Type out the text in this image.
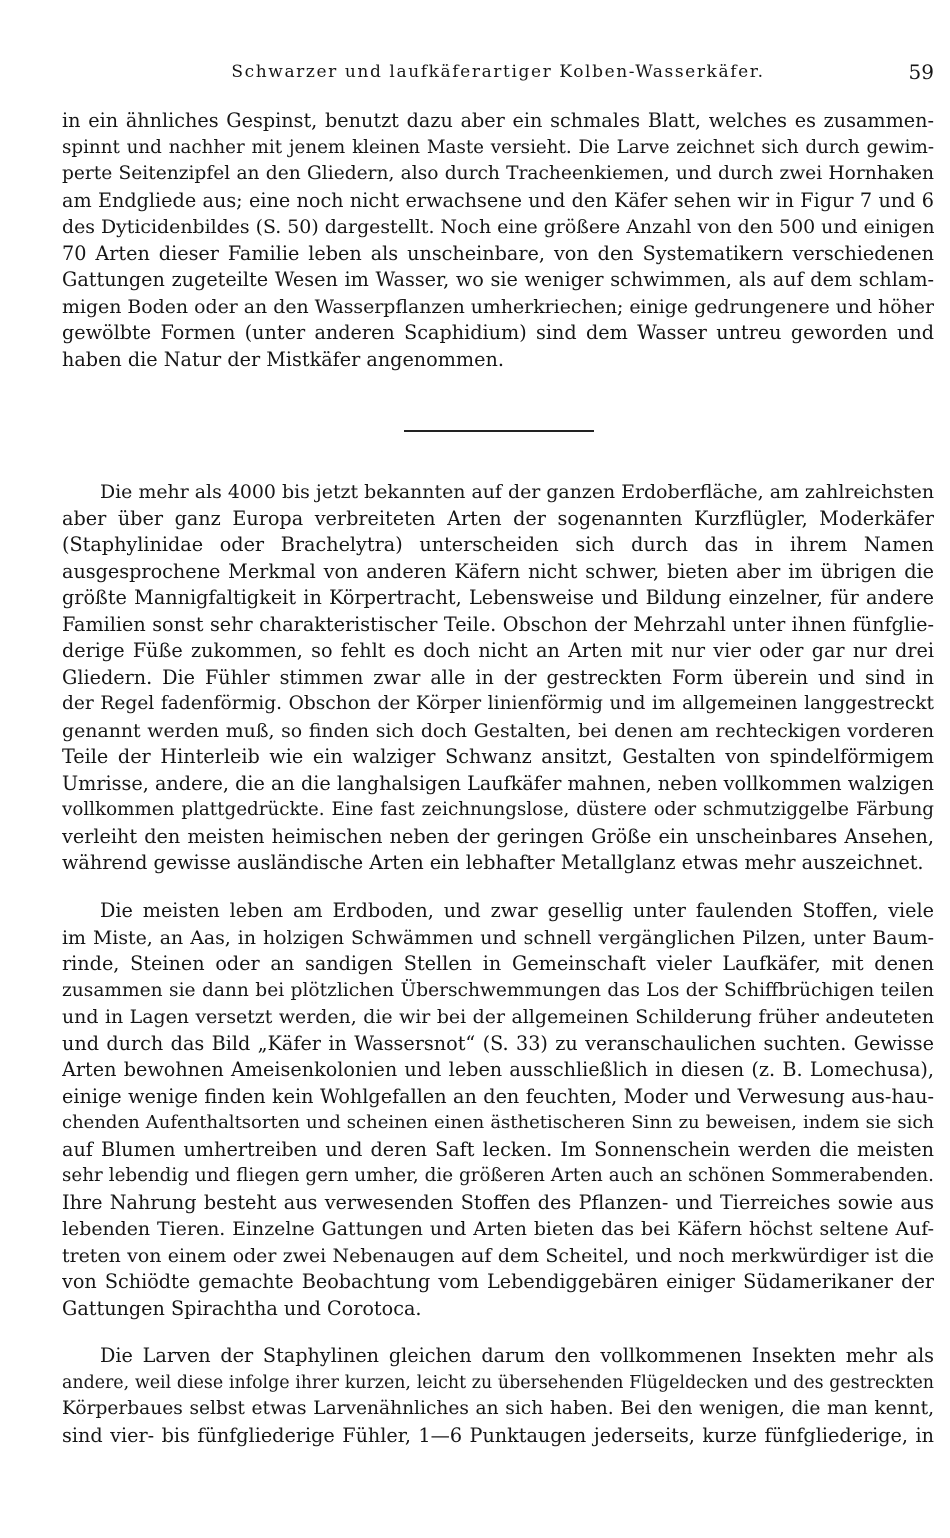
Schwarzer und laufkäferartiger Kolben-Wasserkäfer.	59
in ein ähnliches Gespinst, benutzt dazu aber ein schmales Blatt, welches es zusammen-
spinnt und nachher mit jenem kleinen Maste versieht. Die Larve zeichnet sich durch gewim-
perte Seitenzipfel an den Gliedern, also durch Tracheenkiemen, und durch zwei Hornhaken
am Endgliede aus; eine noch nicht erwachsene und den Käfer sehen wir in Figur 7 und 6
des Dyticidenbildes (S. 50) dargestellt. Noch eine größere Anzahl von den 500 und einigen
70 Arten dieser Familie leben als unscheinbare, von den Systematikern verschiedenen
Gattungen zugeteilte Wesen im Wasser, wo sie weniger schwimmen, als auf dem schlam-
migen Boden oder an den Wasserpflanzen umherkriechen; einige gedrungenere und höher
gewölbte Formen (unter anderen Scaphidium) sind dem Wasser untreu geworden und
haben die Natur der Mistkäfer angenommen.
Die mehr als 4000 bis jetzt bekannten auf der ganzen Erdoberfläche, am zahlreichsten
aber über ganz Europa verbreiteten Arten der sogenannten Kurzflügler, Moderkäfer
(Staphylinidae oder Brachelytra) unterscheiden sich durch das in ihrem Namen
ausgesprochene Merkmal von anderen Käfern nicht schwer, bieten aber im übrigen die
größte Mannigfaltigkeit in Körpertracht, Lebensweise und Bildung einzelner, für andere
Familien sonst sehr charakteristischer Teile. Obschon der Mehrzahl unter ihnen fünfglie-
derige Füße zukommen, so fehlt es doch nicht an Arten mit nur vier oder gar nur drei
Gliedern. Die Fühler stimmen zwar alle in der gestreckten Form überein und sind in
der Regel fadenförmig. Obschon der Körper linienförmig und im allgemeinen langgestreckt
genannt werden muß, so finden sich doch Gestalten, bei denen am rechteckigen vorderen
Teile der Hinterleib wie ein walziger Schwanz ansitzt, Gestalten von spindelförmigem
Umrisse, andere, die an die langhalsigen Laufkäfer mahnen, neben vollkommen walzigen
vollkommen plattgedrückte. Eine fast zeichnungslose, düstere oder schmutziggelbe Färbung
verleiht den meisten heimischen neben der geringen Größe ein unscheinbares Ansehen,
während gewisse ausländische Arten ein lebhafter Metallglanz etwas mehr auszeichnet.
Die meisten leben am Erdboden, und zwar gesellig unter faulenden Stoffen, viele
im Miste, an Aas, in holzigen Schwämmen und schnell vergänglichen Pilzen, unter Baum-
rinde, Steinen oder an sandigen Stellen in Gemeinschaft vieler Laufkäfer, mit denen
zusammen sie dann bei plötzlichen Überschwemmungen das Los der Schiffbrüchigen teilen
und in Lagen versetzt werden, die wir bei der allgemeinen Schilderung früher andeuteten
und durch das Bild „Käfer in Wassersnot“ (S. 33) zu veranschaulichen suchten. Gewisse
Arten bewohnen Ameisenkolonien und leben ausschließlich in diesen (z. B. Lomechusa),
einige wenige finden kein Wohlgefallen an den feuchten, Moder und Verwesung aus-hau-
chenden Aufenthaltsorten und scheinen einen ästhetischeren Sinn zu beweisen, indem sie sich
auf Blumen umhertreiben und deren Saft lecken. Im Sonnenschein werden die meisten
sehr lebendig und fliegen gern umher, die größeren Arten auch an schönen Sommerabenden.
Ihre Nahrung besteht aus verwesenden Stoffen des Pflanzen- und Tierreiches sowie aus
lebenden Tieren. Einzelne Gattungen und Arten bieten das bei Käfern höchst seltene Auf-
treten von einem oder zwei Nebenaugen auf dem Scheitel, und noch merkwürdiger ist die
von Schiödte gemachte Beobachtung vom Lebendiggebären einiger Südamerikaner der
Gattungen Spirachtha und Corotoca.
Die Larven der Staphylinen gleichen darum den vollkommenen Insekten mehr als
andere, weil diese infolge ihrer kurzen, leicht zu übersehenden Flügeldecken und des gestreckten
Körperbaues selbst etwas Larvenähnliches an sich haben. Bei den wenigen, die man kennt,
sind vier- bis fünfgliederige Fühler, 1—6 Punktaugen jederseits, kurze fünfgliederige, in
